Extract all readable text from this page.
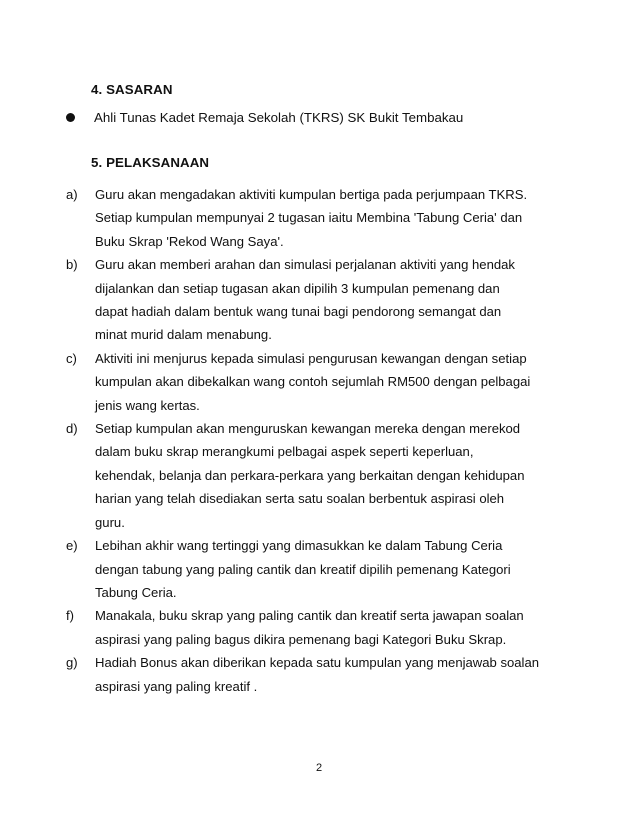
4. SASARAN
Ahli Tunas Kadet Remaja Sekolah (TKRS) SK Bukit Tembakau
5. PELAKSANAAN
a) Guru akan mengadakan aktiviti kumpulan bertiga pada perjumpaan TKRS.
Setiap kumpulan mempunyai 2 tugasan iaitu Membina 'Tabung Ceria' dan
Buku Skrap 'Rekod Wang Saya'.
b) Guru akan memberi arahan dan simulasi perjalanan aktiviti yang hendak
dijalankan dan setiap tugasan akan dipilih 3 kumpulan pemenang dan
dapat hadiah dalam bentuk wang tunai bagi pendorong semangat dan
minat murid dalam menabung.
c) Aktiviti ini menjurus kepada simulasi pengurusan kewangan dengan setiap
kumpulan akan dibekalkan wang contoh sejumlah RM500 dengan pelbagai
jenis wang kertas.
d) Setiap kumpulan akan menguruskan kewangan mereka dengan merekod
dalam buku skrap merangkumi pelbagai aspek seperti keperluan,
kehendak, belanja dan perkara-perkara yang berkaitan dengan kehidupan
harian yang telah disediakan serta satu soalan berbentuk aspirasi oleh
guru.
e) Lebihan akhir wang tertinggi yang dimasukkan ke dalam Tabung Ceria
dengan tabung yang paling cantik dan kreatif dipilih pemenang Kategori
Tabung Ceria.
f) Manakala, buku skrap yang paling cantik dan kreatif serta jawapan soalan
aspirasi yang paling bagus dikira pemenang bagi Kategori Buku Skrap.
g) Hadiah Bonus akan diberikan kepada satu kumpulan yang menjawab soalan
aspirasi yang paling kreatif .
2
